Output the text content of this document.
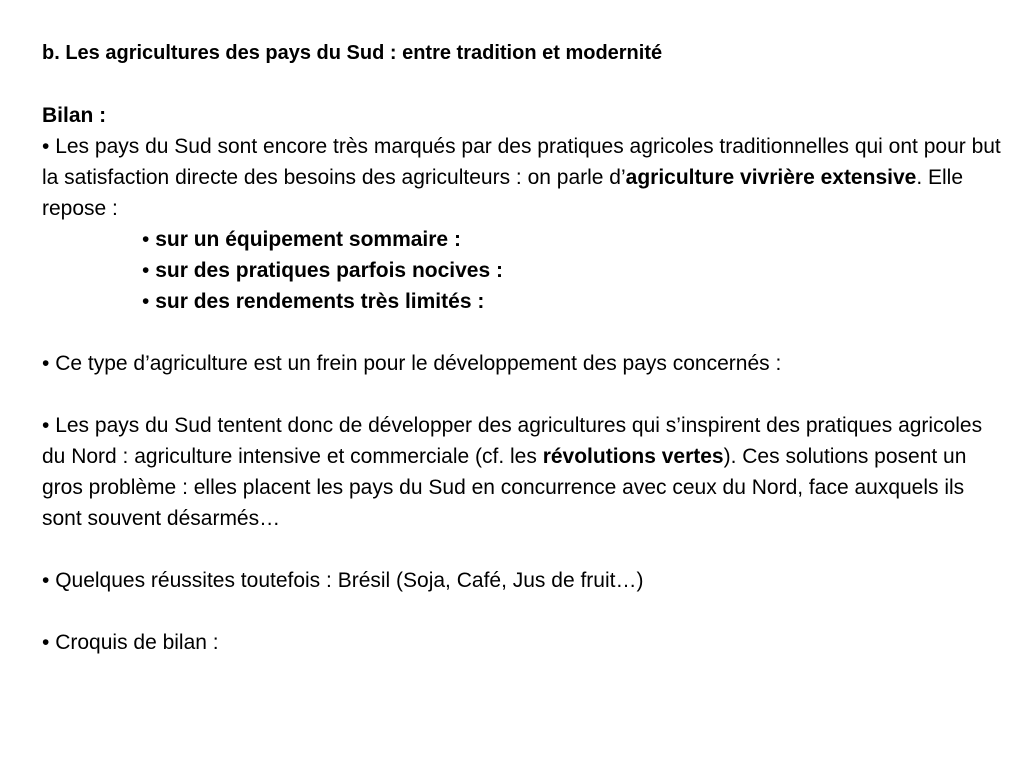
b. Les agricultures des pays du Sud : entre tradition et modernité

Bilan :

• Les pays du Sud sont encore très marqués par des pratiques agricoles traditionnelles qui ont pour but la satisfaction directe des besoins des agriculteurs : on parle d’agriculture vivrière extensive. Elle repose :

• sur un équipement sommaire :

• sur des pratiques parfois nocives :

• sur des rendements très limités :

• Ce type d’agriculture est un frein pour le développement des pays concernés :

• Les pays du Sud tentent donc de développer des agricultures qui s’inspirent des pratiques agricoles du Nord : agriculture intensive et commerciale (cf. les révolutions vertes). Ces solutions posent un gros problème : elles placent les pays du Sud en concurrence avec ceux du Nord, face auxquels ils sont souvent désarmés…

• Quelques réussites toutefois : Brésil (Soja, Café, Jus de fruit…)

• Croquis de bilan :
